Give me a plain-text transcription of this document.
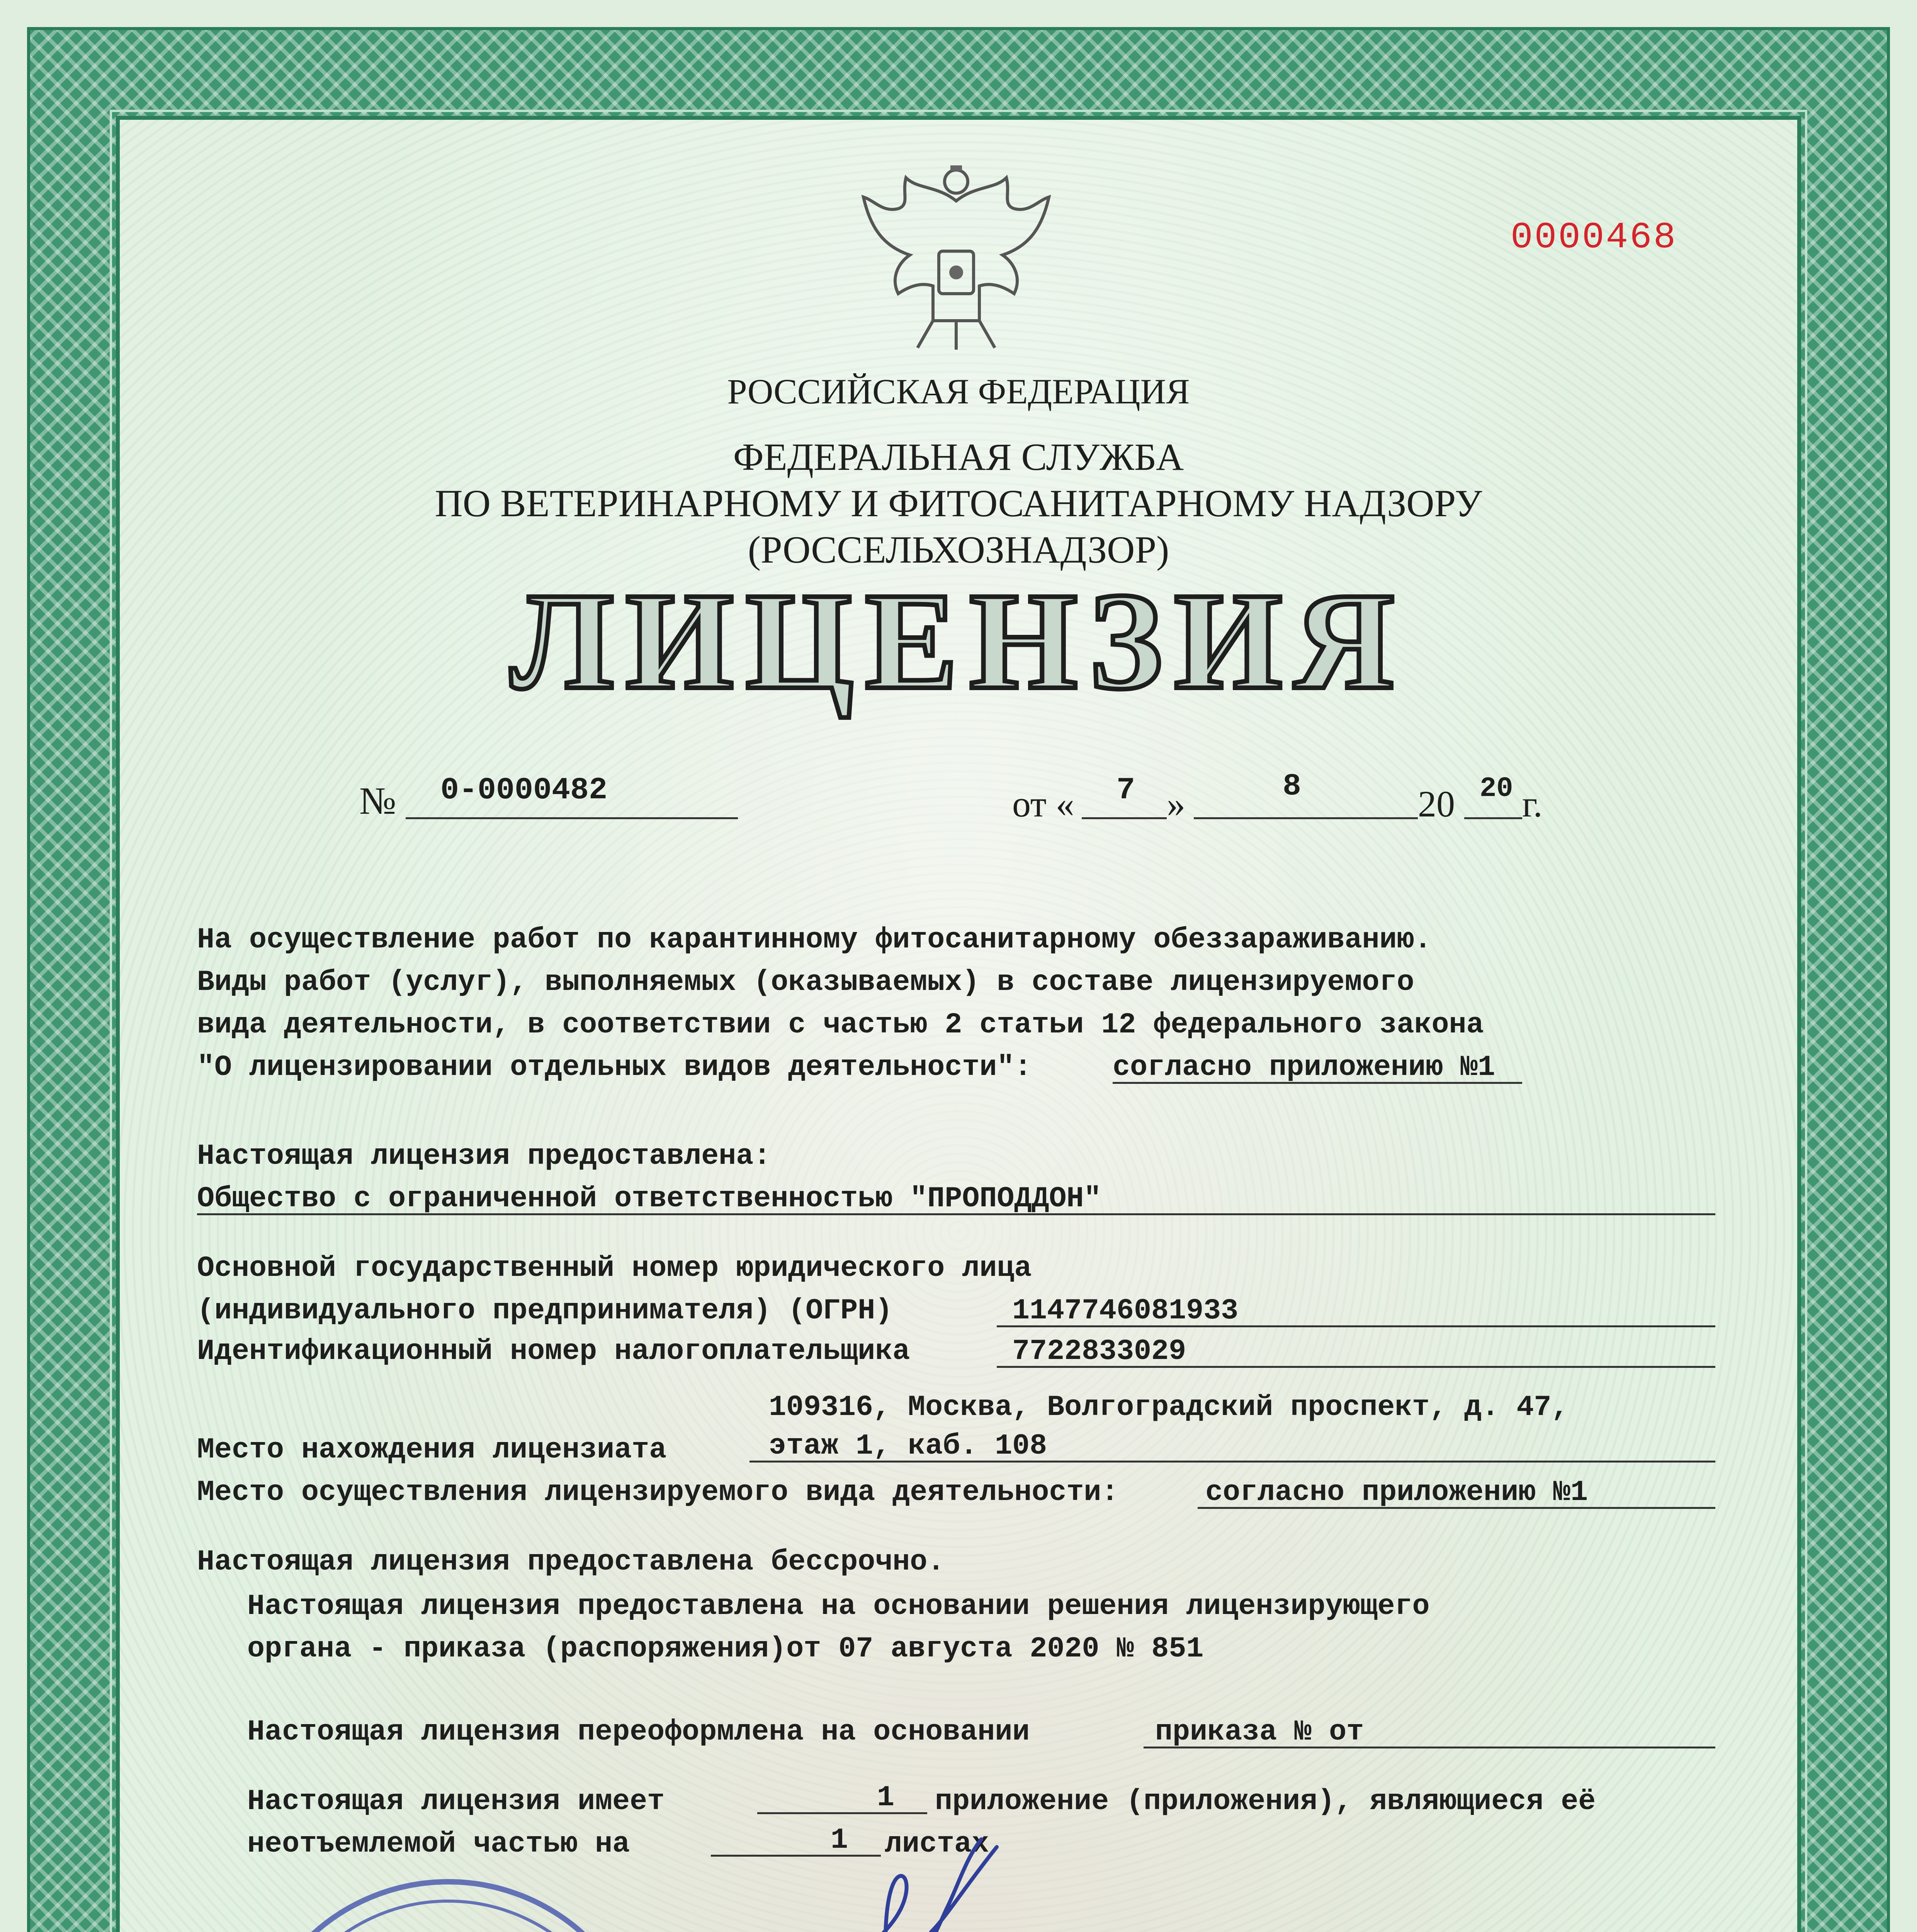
0000468
РОССИЙСКАЯ ФЕДЕРАЦИЯ
ФЕДЕРАЛЬНАЯ СЛУЖБА
ПО ВЕТЕРИНАРНОМУ И ФИТОСАНИТАРНОМУ НАДЗОРУ
(РОССЕЛЬХОЗНАДЗОР)
ЛИЦЕНЗИЯ
№ 0-0000482	от « 7 »	8	20 20 г.
На осуществление работ по карантинному фитосанитарному обеззараживанию.
Виды работ (услуг), выполняемых (оказываемых) в составе лицензируемого
вида деятельности, в соответствии с частью 2 статьи 12 федерального закона
"О лицензировании отдельных видов деятельности":	согласно приложению №1
Настоящая лицензия предоставлена:
Общество с ограниченной ответственностью "ПРОПОДДОН"
Основной государственный номер юридического лица
(индивидуального предпринимателя) (ОГРН)	1147746081933
Идентификационный номер налогоплательщика	7722833029
109316, Москва, Волгоградский проспект, д. 47,
Место нахождения лицензиата	этаж 1, каб. 108
Место осуществления лицензируемого вида деятельности:	согласно приложению №1
Настоящая лицензия предоставлена бессрочно.
Настоящая лицензия предоставлена на основании решения лицензирующего
органа - приказа (распоряжения)от 07 августа 2020 № 851
Настоящая лицензия переоформлена на основании	приказа № от
Настоящая лицензия имеет	1 приложение (приложения), являющиеся её
неотъемлемой частью на	1 листах
